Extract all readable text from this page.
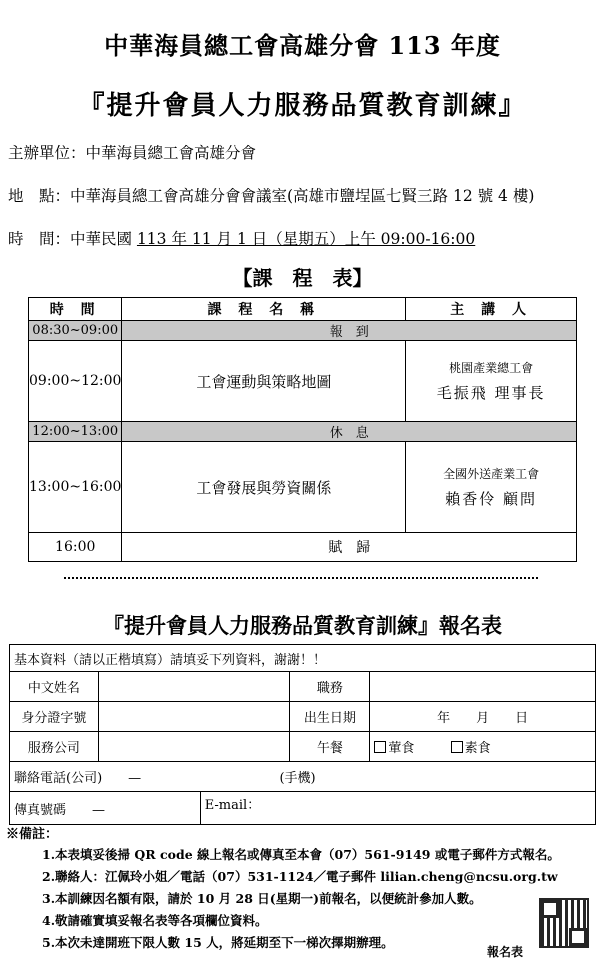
中華海員總工會高雄分會 113 年度
『提升會員人力服務品質教育訓練』
主辦單位：中華海員總工會高雄分會
地　點：中華海員總工會高雄分會會議室(高雄市鹽埕區七賢三路 12 號 4 樓)
時　間：中華民國 113 年 11 月 1 日（星期五）上午 09:00-16:00
【課　程　表】
時 間	課 程 名 稱	主 講 人
08:30~09:00	報　到	
09:00~12:00	工會運動與策略地圖	桃園產業總工會
毛振飛 理事長

12:00~13:00	休　息	
13:00~16:00	工會發展與勞資關係	全國外送產業工會
賴香伶 顧問

16:00	賦　歸	
『提升會員人力服務品質教育訓練』報名表
基本資料（請以正楷填寫）請填妥下列資料，謝謝！！				
中文姓名			職務	
身分證字號			出生日期	年　　月　　日
服務公司			午餐	葷食 素食
聯絡電話(公司)　　— (手機)				
傳真號碼　　—		E-mail：		
※備註：
1.本表填妥後掃 QR code 線上報名或傳真至本會（07）561-9149 或電子郵件方式報名。
2.聯絡人：江佩玲小姐／電話（07）531-1124／電子郵件 lilian.cheng@ncsu.org.tw
3.本訓練因名額有限，請於 10 月 28 日(星期一)前報名，以便統計參加人數。
4.敬請確實填妥報名表等各項欄位資料。
5.本次未達開班下限人數 15 人，將延期至下一梯次擇期辦理。
報名表
